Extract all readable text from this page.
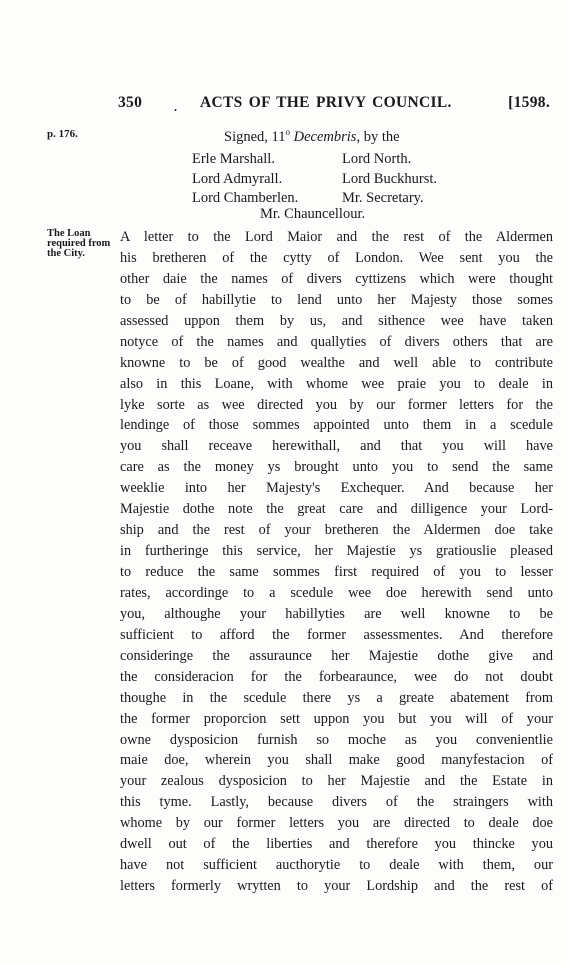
350	. ACTS OF THE PRIVY COUNCIL.	[1598.
p. 176.
The Loan
required from
the City.
Signed, 11$^o$ Decembris, by the
Erle Marshall.	Lord North.
Lord Admyrall.	Lord Buckhurst.
Lord Chamberlen.	Mr. Secretary.
Mr. Chauncellour.
A letter to the Lord Maior and the rest of the Aldermen
his bretheren of the cytty of London. Wee sent you the
other daie the names of divers cyttizens which were thought
to be of habillytie to lend unto her Majesty those somes
assessed uppon them by us, and sithence wee have taken
notyce of the names and quallyties of divers others that are
knowne to be of good wealthe and well able to contribute
also in this Loane, with whome wee praie you to deale in
lyke sorte as wee directed you by our former letters for the
lendinge of those sommes appointed unto them in a scedule
you shall receave herewithall, and that you will have
care as the money ys brought unto you to send the same
weeklie into her Majesty's Exchequer. And because her
Majestie dothe note the great care and dilligence your Lord-
ship and the rest of your bretheren the Aldermen doe take
in furtheringe this service, her Majestie ys gratiouslie pleased
to reduce the same sommes first required of you to lesser
rates, accordinge to a scedule wee doe herewith send unto
you, althoughe your habillyties are well knowne to be
sufficient to afford the former assessmentes. And therefore
consideringe the assuraunce her Majestie dothe give and
the consideracion for the forbearaunce, wee do not doubt
thoughe in the scedule there ys a greate abatement from
the former proporcion sett uppon you but you will of your
owne dysposicion furnish so moche as you convenientlie
maie doe, wherein you shall make good manyfestacion of
your zealous dysposicion to her Majestie and the Estate in
this tyme. Lastly, because divers of the straingers with
whome by our former letters you are directed to deale doe
dwell out of the liberties and therefore you thincke you
have not sufficient aucthorytie to deale with them, our
letters formerly wrytten to your Lordship and the rest of
